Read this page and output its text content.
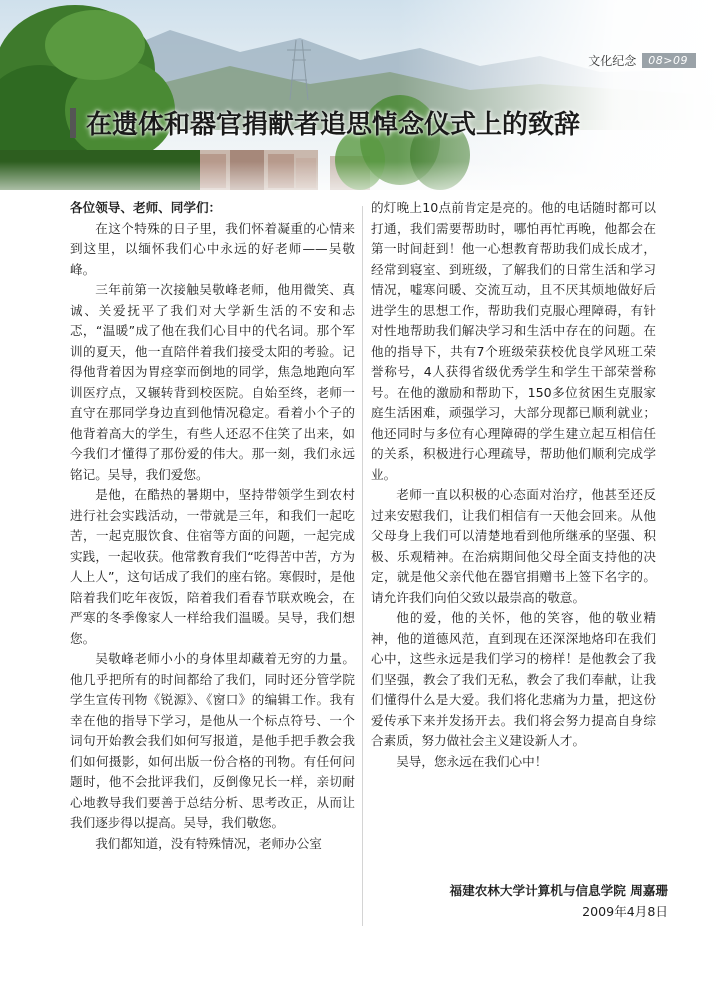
文化纪念	08>09
在遗体和器官捐献者追思悼念仪式上的致辞

各位领导、老师、同学们：

在这个特殊的日子里，我们怀着凝重的心情来到这里，以缅怀我们心中永远的好老师——吴敬峰。

三年前第一次接触吴敬峰老师，他用微笑、真诚、关爱抚平了我们对大学新生活的不安和忐忑，“温暖”成了他在我们心目中的代名词。那个军训的夏天，他一直陪伴着我们接受太阳的考验。记得他背着因为胃痉挛而倒地的同学，焦急地跑向军训医疗点，又辗转背到校医院。自始至终，老师一直守在那同学身边直到他情况稳定。看着小个子的他背着高大的学生，有些人还忍不住笑了出来，如今我们才懂得了那份爱的伟大。那一刻，我们永远铭记。吴导，我们爱您。

是他，在酷热的暑期中，坚持带领学生到农村进行社会实践活动，一带就是三年，和我们一起吃苦，一起克服饮食、住宿等方面的问题，一起完成实践，一起收获。他常教育我们“吃得苦中苦，方为人上人”，这句话成了我们的座右铭。寒假时，是他陪着我们吃年夜饭，陪着我们看春节联欢晚会，在严寒的冬季像家人一样给我们温暖。吴导，我们想您。

吴敬峰老师小小的身体里却藏着无穷的力量。他几乎把所有的时间都给了我们，同时还分管学院学生宣传刊物《锐源》、《窗口》的编辑工作。我有幸在他的指导下学习，是他从一个标点符号、一个词句开始教会我们如何写报道，是他手把手教会我们如何摄影，如何出版一份合格的刊物。有任何问题时，他不会批评我们，反倒像兄长一样，亲切耐心地教导我们要善于总结分析、思考改正，从而让我们逐步得以提高。吴导，我们敬您。

我们都知道，没有特殊情况，老师办公室

的灯晚上10点前肯定是亮的。他的电话随时都可以打通，我们需要帮助时，哪怕再忙再晚，他都会在第一时间赶到！他一心想教育帮助我们成长成才，经常到寝室、到班级，了解我们的日常生活和学习情况，嘘寒问暖、交流互动，且不厌其烦地做好后进学生的思想工作，帮助我们克服心理障碍，有针对性地帮助我们解决学习和生活中存在的问题。在他的指导下，共有7个班级荣获校优良学风班工荣誉称号，4人获得省级优秀学生和学生干部荣誉称号。在他的激励和帮助下，150多位贫困生克服家庭生活困难，顽强学习，大部分现都已顺利就业；他还同时与多位有心理障碍的学生建立起互相信任的关系，积极进行心理疏导，帮助他们顺利完成学业。

老师一直以积极的心态面对治疗，他甚至还反过来安慰我们，让我们相信有一天他会回来。从他父母身上我们可以清楚地看到他所继承的坚强、积极、乐观精神。在治病期间他父母全面支持他的决定，就是他父亲代他在器官捐赠书上签下名字的。请允许我们向伯父致以最崇高的敬意。

他的爱，他的关怀，他的笑容，他的敬业精神，他的道德风范，直到现在还深深地烙印在我们心中，这些永远是我们学习的榜样！是他教会了我们坚强，教会了我们无私，教会了我们奉献，让我们懂得什么是大爱。我们将化悲痛为力量，把这份爱传承下来并发扬开去。我们将会努力提高自身综合素质，努力做社会主义建设新人才。

吴导，您永远在我们心中！

福建农林大学计算机与信息学院 周嘉珊
2009年4月8日
